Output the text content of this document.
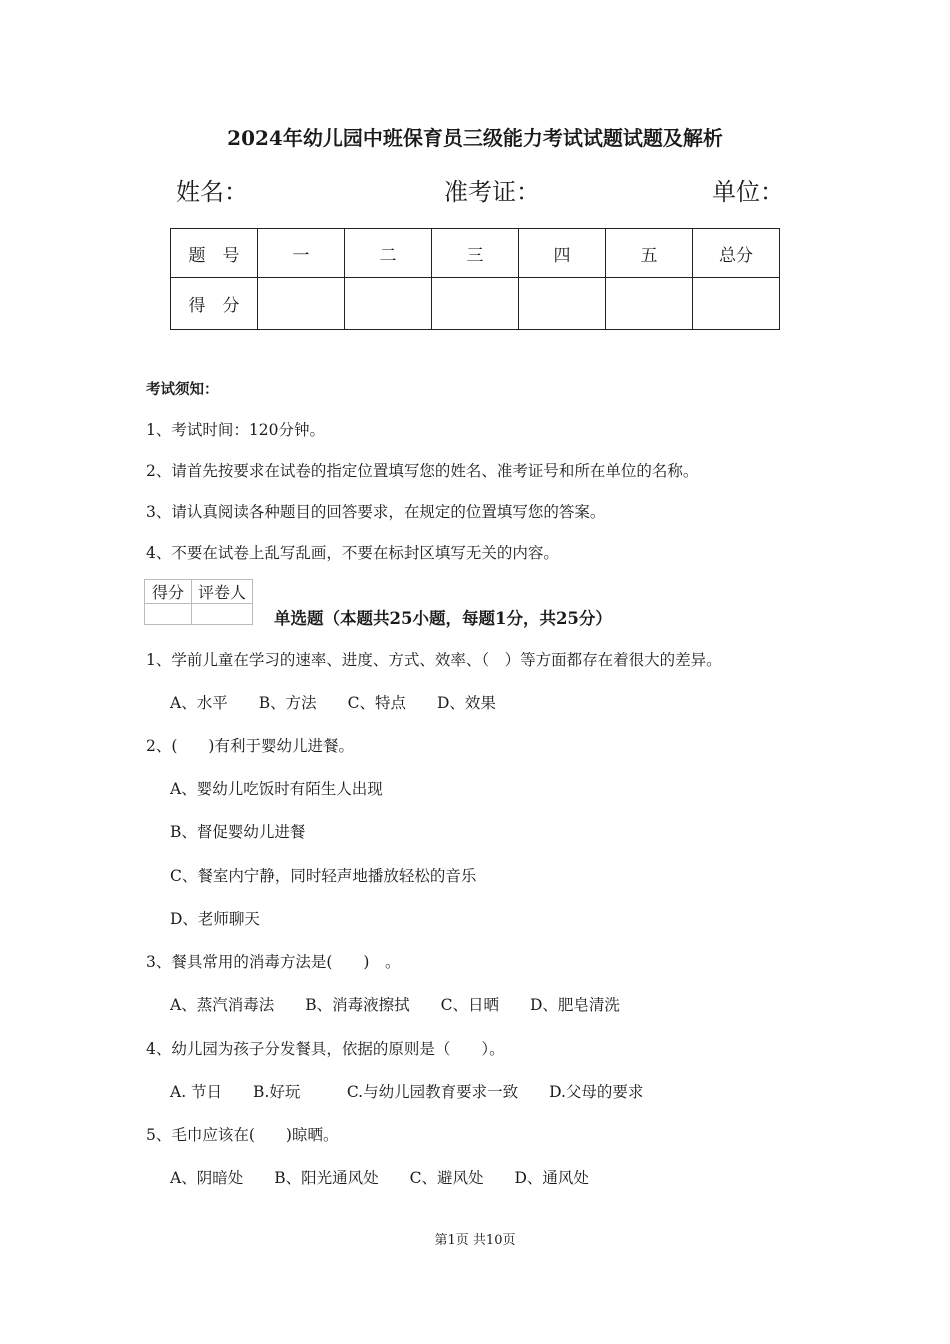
2024年幼儿园中班保育员三级能力考试试题试题及解析
姓名：	准考证：	单位：
题　号	一	二	三	四	五	总分
得　分						
考试须知：
1、考试时间：120分钟。
2、请首先按要求在试卷的指定位置填写您的姓名、准考证号和所在单位的名称。
3、请认真阅读各种题目的回答要求，在规定的位置填写您的答案。
4、不要在试卷上乱写乱画，不要在标封区填写无关的内容。
得分	评卷人

单选题（本题共25小题，每题1分，共25分）
1、学前儿童在学习的速率、进度、方式、效率、（　）等方面都存在着很大的差异。
A、水平　　B、方法　　C、特点　　D、效果
2、(　　)有利于婴幼儿进餐。
A、婴幼儿吃饭时有陌生人出现
B、督促婴幼儿进餐
C、餐室内宁静，同时轻声地播放轻松的音乐
D、老师聊天
3、餐具常用的消毒方法是(　　)　。
A、蒸汽消毒法　　B、消毒液擦拭　　C、日晒　　D、肥皂清洗
4、幼儿园为孩子分发餐具，依据的原则是（　　）。
A. 节日　　B.好玩　　　C.与幼儿园教育要求一致　　D.父母的要求
5、毛巾应该在(　　)晾晒。
A、阴暗处　　B、阳光通风处　　C、避风处　　D、通风处
第1页 共10页
